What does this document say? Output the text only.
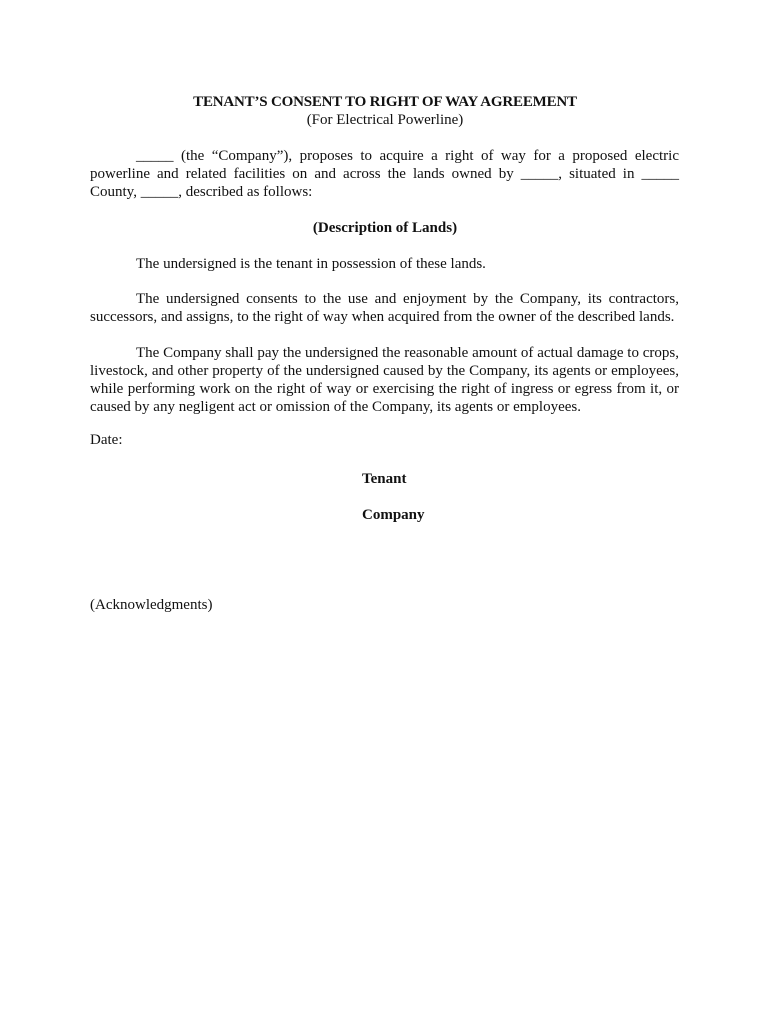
TENANT’S CONSENT TO RIGHT OF WAY AGREEMENT
(For Electrical Powerline)

_____ (the “Company”), proposes to acquire a right of way for a proposed electric powerline and related facilities on and across the lands owned by _____, situated in _____ County, _____, described as follows:

(Description of Lands)

The undersigned is the tenant in possession of these lands.

The undersigned consents to the use and enjoyment by the Company, its contractors, successors, and assigns, to the right of way when acquired from the owner of the described lands.

The Company shall pay the undersigned the reasonable amount of actual damage to crops, livestock, and other property of the undersigned caused by the Company, its agents or employees, while performing work on the right of way or exercising the right of ingress or egress from it, or caused by any negligent act or omission of the Company, its agents or employees.

Date:
Tenant
Company
(Acknowledgments)
